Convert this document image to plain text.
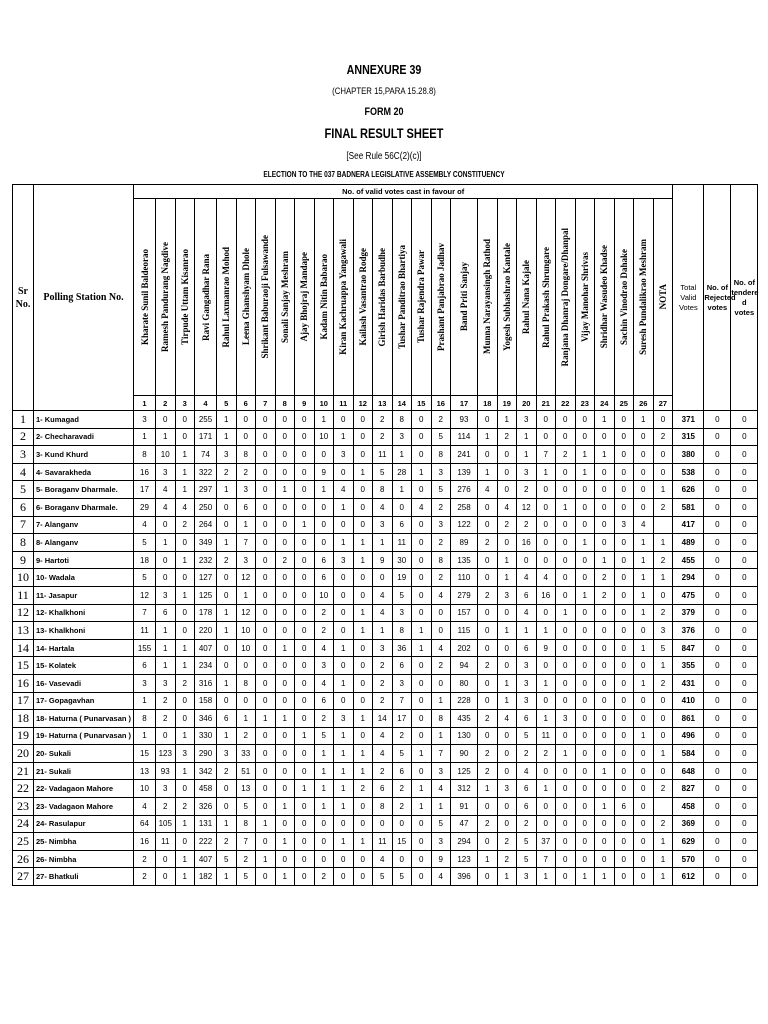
ANNEXURE 39
(CHAPTER 15,PARA 15.28.8)
FORM 20
FINAL RESULT SHEET
[See Rule 56C(2)(c)]
ELECTION TO THE 037 BADNERA LEGISLATIVE ASSEMBLY CONSTITUENCY
Sr No.	Polling Station No.	No. of valid votes cast in favour of																											Total Valid Votes	No. of Rejected votes	No. of tendere d votes

		Kharate Sunil Baldeorao	Ramesh Pandurang Nagdive	Tirpude Uttam Kisanrao	Ravi Gangadhar Rana	Rahul Laxmanrao Mohod	Leena Ghanshyam Dhole	Shrikant Baburaoji Fulsawande	Sonali Sanjay Meshram	Ajay Bhojraj Mandape	Kadam Nitin Babarao	Kiran Kachruappa Yangawali	Kailash Vasantrao Rodge	Girish Haridas Barbudhe	Tushar Panditrao Bhartiya	Tushar Rajendra Pawar	Prashant Panjabrao Jadhav	Band Priti Sanjay	Munna Narayansingh Rathod	Yogesh Subhashrao Kantale	Rahul Nana Kajale	Rahul Prakash Shrungare	Ranjana Dhanraj Dongare/Dhanpal	Vijay Manohar Shrivas	Shridhar Wasudeo Khadse	Sachin Vinodrao Dahake	Suresh Pundalikrao Meshram	NOTA			

		1	2	3	4	5	6	7	8	9	10	11	12	13	14	15	16	17	18	19	20	21	22	23	24	25	26	27			
1	1- Kumagad	3	0	0	255	1	0	0	0	0	1	0	0	2	8	0	2	93	0	1	3	0	0	0	1	0	1	0	371	0	0
2	2- Checharavadi	1	1	0	171	1	0	0	0	0	10	1	0	2	3	0	5	114	1	2	1	0	0	0	0	0	0	2	315	0	0
3	3- Kund Khurd	8	10	1	74	3	8	0	0	0	0	3	0	11	1	0	8	241	0	0	1	7	2	1	1	0	0	0	380	0	0
4	4- Savarakheda	16	3	1	322	2	2	0	0	0	9	0	1	5	28	1	3	139	1	0	3	1	0	1	0	0	0	0	538	0	0
5	5- Boraganv Dharmale.	17	4	1	297	1	3	0	1	0	1	4	0	8	1	0	5	276	4	0	2	0	0	0	0	0	0	1	626	0	0
6	6- Boraganv Dharmale.	29	4	4	250	0	6	0	0	0	0	1	0	4	0	4	2	258	0	4	12	0	1	0	0	0	0	2	581	0	0
7	7- Alanganv	4	0	2	264	0	1	0	0	1	0	0	0	3	6	0	3	122	0	2	2	0	0	0	0	3	4		417	0	0
8	8- Alanganv	5	1	0	349	1	7	0	0	0	0	1	1	1	11	0	2	89	2	0	16	0	0	1	0	0	1	1	489	0	0
9	9- Hartoti	18	0	1	232	2	3	0	2	0	6	3	1	9	30	0	8	135	0	1	0	0	0	0	1	0	1	2	455	0	0
10	10- Wadala	5	0	0	127	0	12	0	0	0	6	0	0	0	19	0	2	110	0	1	4	4	0	0	2	0	1	1	294	0	0
11	11- Jasapur	12	3	1	125	0	1	0	0	0	10	0	0	4	5	0	4	279	2	3	6	16	0	1	2	0	1	0	475	0	0
12	12- Khalkhoni	7	6	0	178	1	12	0	0	0	2	0	1	4	3	0	0	157	0	0	4	0	1	0	0	0	1	2	379	0	0
13	13- Khalkhoni	11	1	0	220	1	10	0	0	0	2	0	1	1	8	1	0	115	0	1	1	1	0	0	0	0	0	3	376	0	0
14	14- Hartala	155	1	1	407	0	10	0	1	0	4	1	0	3	36	1	4	202	0	0	6	9	0	0	0	0	1	5	847	0	0
15	15- Kolatek	6	1	1	234	0	0	0	0	0	3	0	0	2	6	0	2	94	2	0	3	0	0	0	0	0	0	1	355	0	0
16	16- Vasevadi	3	3	2	316	1	8	0	0	0	4	1	0	2	3	0	0	80	0	1	3	1	0	0	0	0	1	2	431	0	0
17	17- Gopagavhan	1	2	0	158	0	0	0	0	0	6	0	0	2	7	0	1	228	0	1	3	0	0	0	0	0	0	0	410	0	0
18	18- Haturna ( Punarvasan )	8	2	0	346	6	1	1	1	0	2	3	1	14	17	0	8	435	2	4	6	1	3	0	0	0	0	0	861	0	0
19	19- Haturna ( Punarvasan )	1	0	1	330	1	2	0	0	1	5	1	0	4	2	0	1	130	0	0	5	11	0	0	0	0	1	0	496	0	0
20	20- Sukali	15	123	3	290	3	33	0	0	0	1	1	1	4	5	1	7	90	2	0	2	2	1	0	0	0	0	1	584	0	0
21	21- Sukali	13	93	1	342	2	51	0	0	0	1	1	1	2	6	0	3	125	2	0	4	0	0	0	1	0	0	0	648	0	0
22	22- Vadagaon Mahore	10	3	0	458	0	13	0	0	1	1	1	2	6	2	1	4	312	1	3	6	1	0	0	0	0	0	2	827	0	0
23	23- Vadagaon Mahore	4	2	2	326	0	5	0	1	0	1	1	0	8	2	1	1	91	0	0	6	0	0	0	1	6	0		458	0	0
24	24- Rasulapur	64	105	1	131	1	8	1	0	0	0	0	0	0	0	0	5	47	2	0	2	0	0	0	0	0	0	2	369	0	0
25	25- Nimbha	16	11	0	222	2	7	0	1	0	0	1	1	11	15	0	3	294	0	2	5	37	0	0	0	0	0	1	629	0	0
26	26- Nimbha	2	0	1	407	5	2	1	0	0	0	0	0	4	0	0	9	123	1	2	5	7	0	0	0	0	0	1	570	0	0
27	27- Bhatkuli	2	0	1	182	1	5	0	1	0	2	0	0	5	5	0	4	396	0	1	3	1	0	1	1	0	0	1	612	0	0
